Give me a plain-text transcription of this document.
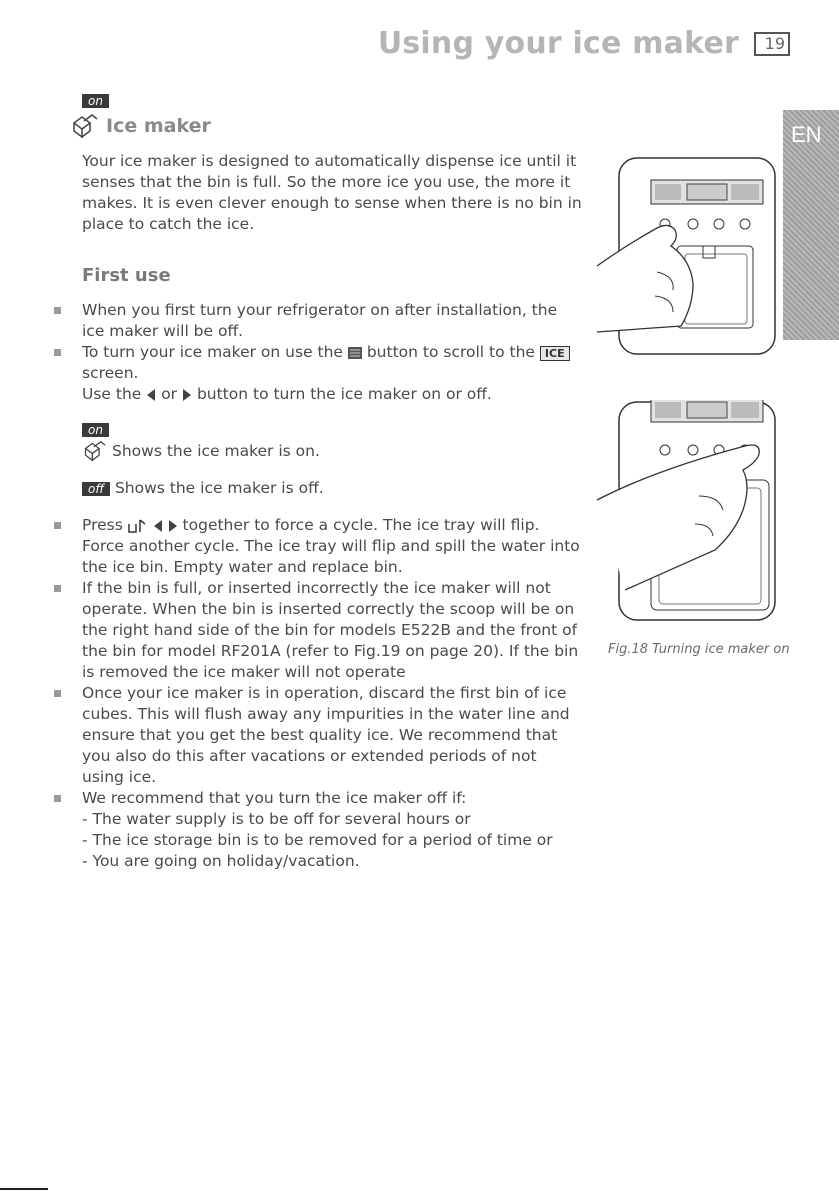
Using your ice maker	19
EN
on
Ice maker

Your ice maker is designed to automatically dispense ice until it senses that the bin is full. So the more ice you use, the more it makes. It is even clever enough to sense when there is no bin in place to catch the ice.

First use
When you first turn your refrigerator on after installation, the ice maker will be off.
To turn your ice maker on use the button to scroll to the ICE
screen.
Use the or button to turn the ice maker on or off.
on
Shows the ice maker is on.
off Shows the ice maker is off.
Press	together to force a cycle. The ice tray will flip. Force another cycle. The ice tray will flip and spill the water into the ice bin. Empty water and replace bin.
If the bin is full, or inserted incorrectly the ice maker will not operate. When the bin is inserted correctly the scoop will be on the right hand side of the bin for models E522B and the front of the bin for model RF201A (refer to Fig.19 on page 20). If the bin is removed the ice maker will not operate
Once your ice maker is in operation, discard the first bin of ice cubes. This will flush away any impurities in the water line and ensure that you get the best quality ice. We recommend that you also do this after vacations or extended periods of not using ice.
We recommend that you turn the ice maker off if:
- The water supply is to be off for several hours or
- The ice storage bin is to be removed for a period of time or
- You are going on holiday/vacation.
Fig.18 Turning ice maker on
